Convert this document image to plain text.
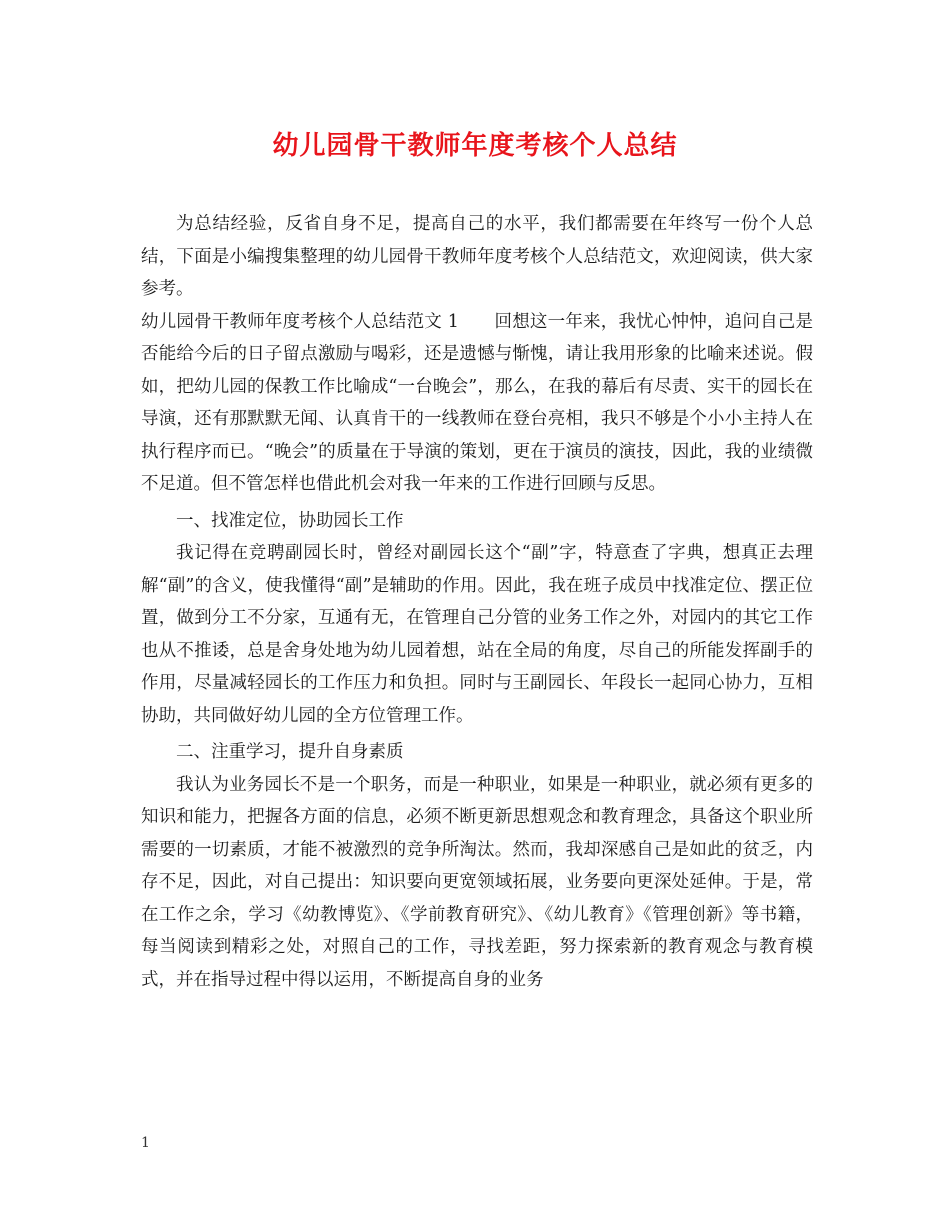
幼儿园骨干教师年度考核个人总结

为总结经验，反省自身不足，提高自己的水平，我们都需要在年终写一份个人总结，下面是小编搜集整理的幼儿园骨干教师年度考核个人总结范文，欢迎阅读，供大家参考。

幼儿园骨干教师年度考核个人总结范文 1　　回想这一年来，我忧心忡忡，追问自己是否能给今后的日子留点激励与喝彩，还是遗憾与惭愧，请让我用形象的比喻来述说。假如，把幼儿园的保教工作比喻成“一台晚会”，那么，在我的幕后有尽责、实干的园长在导演，还有那默默无闻、认真肯干的一线教师在登台亮相，我只不够是个小小主持人在执行程序而已。“晚会”的质量在于导演的策划，更在于演员的演技，因此，我的业绩微不足道。但不管怎样也借此机会对我一年来的工作进行回顾与反思。

一、找准定位，协助园长工作

我记得在竞聘副园长时，曾经对副园长这个“副”字，特意查了字典，想真正去理解“副”的含义，使我懂得“副”是辅助的作用。因此，我在班子成员中找准定位、摆正位置，做到分工不分家，互通有无，在管理自己分管的业务工作之外，对园内的其它工作也从不推诿，总是舍身处地为幼儿园着想，站在全局的角度，尽自己的所能发挥副手的作用，尽量减轻园长的工作压力和负担。同时与王副园长、年段长一起同心协力，互相协助，共同做好幼儿园的全方位管理工作。

二、注重学习，提升自身素质

我认为业务园长不是一个职务，而是一种职业，如果是一种职业，就必须有更多的知识和能力，把握各方面的信息，必须不断更新思想观念和教育理念，具备这个职业所需要的一切素质，才能不被激烈的竞争所淘汰。然而，我却深感自己是如此的贫乏，内存不足，因此，对自己提出：知识要向更宽领域拓展，业务要向更深处延伸。于是，常在工作之余，学习《幼教博览》、《学前教育研究》、《幼儿教育》《管理创新》等书籍，每当阅读到精彩之处，对照自己的工作，寻找差距，努力探索新的教育观念与教育模式，并在指导过程中得以运用，不断提高自身的业务

1
